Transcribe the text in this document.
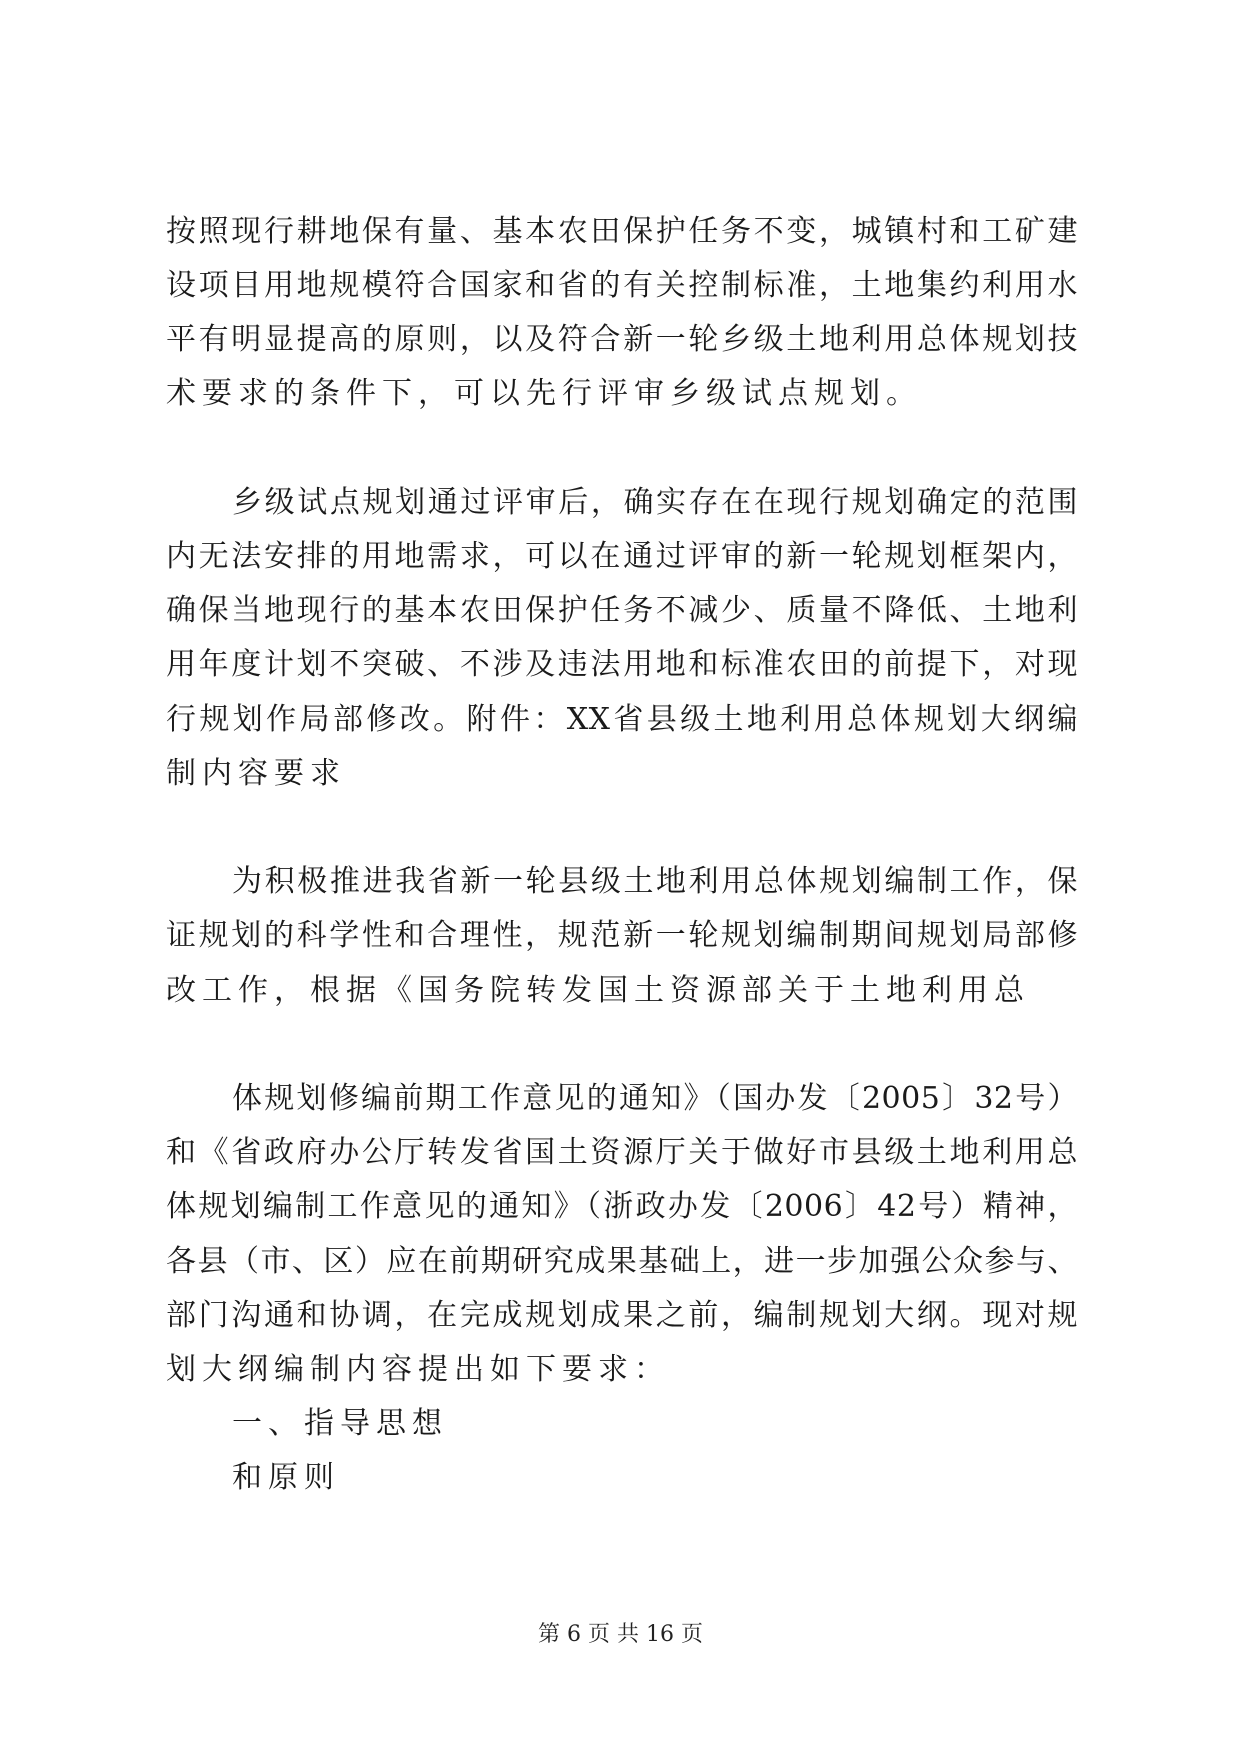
按照现行耕地保有量、基本农田保护任务不变，城镇村和工矿建
设项目用地规模符合国家和省的有关控制标准，土地集约利用水
平有明显提高的原则，以及符合新一轮乡级土地利用总体规划技
术要求的条件下，可以先行评审乡级试点规划。
乡级试点规划通过评审后，确实存在在现行规划确定的范围
内无法安排的用地需求，可以在通过评审的新一轮规划框架内，
确保当地现行的基本农田保护任务不减少、质量不降低、土地利
用年度计划不突破、不涉及违法用地和标准农田的前提下，对现
行规划作局部修改。附件：XX省县级土地利用总体规划大纲编
制内容要求
为积极推进我省新一轮县级土地利用总体规划编制工作，保
证规划的科学性和合理性，规范新一轮规划编制期间规划局部修
改工作，根据《国务院转发国土资源部关于土地利用总
体规划修编前期工作意见的通知》（国办发〔2005〕32号）
和《省政府办公厅转发省国土资源厅关于做好市县级土地利用总
体规划编制工作意见的通知》（浙政办发〔2006〕42号）精神，
各县（市、区）应在前期研究成果基础上，进一步加强公众参与、
部门沟通和协调，在完成规划成果之前，编制规划大纲。现对规
划大纲编制内容提出如下要求：
一、指导思想
和原则
第 6 页 共 16 页
